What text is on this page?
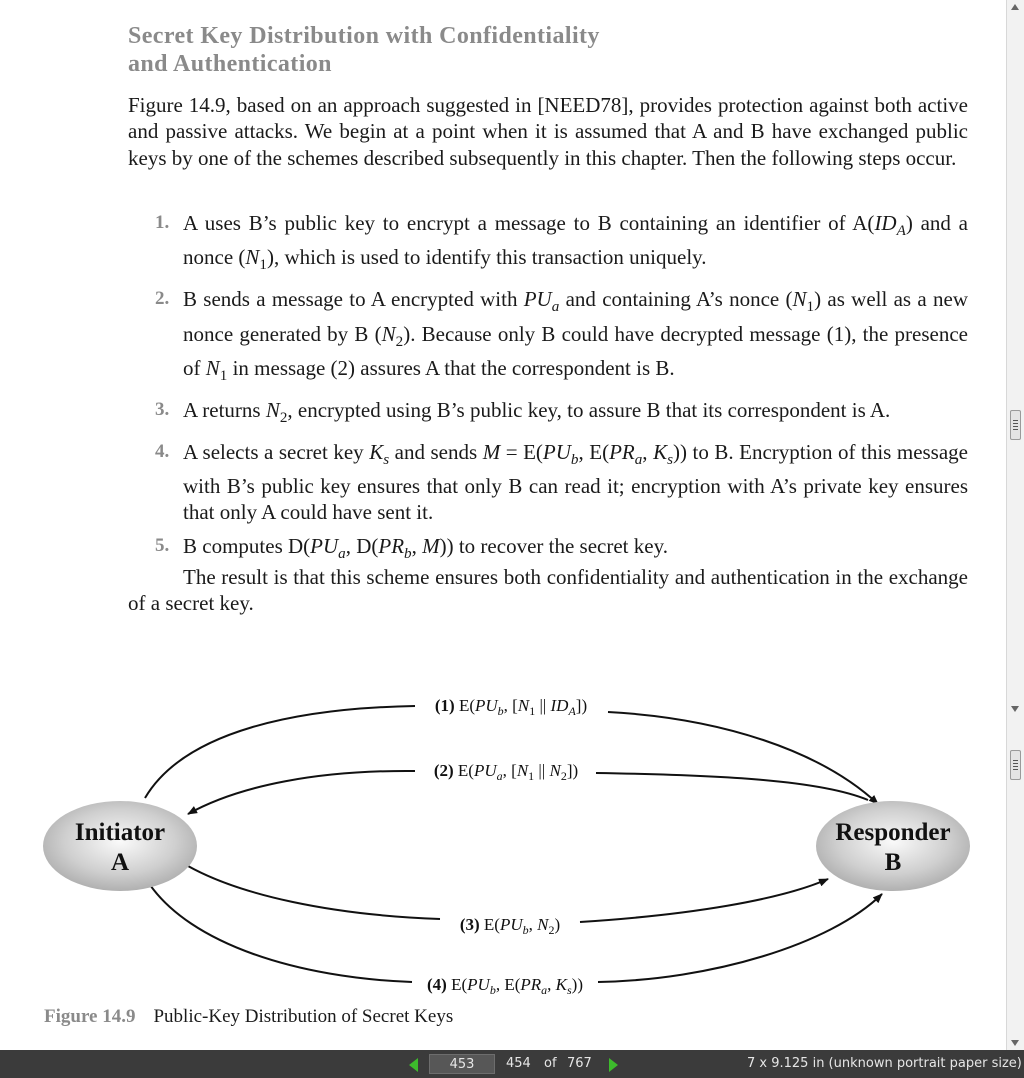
Secret Key Distribution with Confidentiality
and Authentication
Figure 14.9, based on an approach suggested in [NEED78], provides protection against both active and passive attacks. We begin at a point when it is assumed that A and B have exchanged public keys by one of the schemes described subsequently in this chapter. Then the following steps occur.
1. A uses B’s public key to encrypt a message to B containing an identifier of $A(ID_A)$ and a nonce $(N_1)$, which is used to identify this transaction uniquely.
2. B sends a message to A encrypted with $PU_a$ and containing A’s nonce $(N_1)$ as well as a new nonce generated by B $(N_2)$. Because only B could have decrypted message (1), the presence of $N_1$ in message (2) assures A that the correspondent is B.
3. A returns $N_2$, encrypted using B’s public key, to assure B that its correspondent is A.
4. A selects a secret key $K_s$ and sends $M = E(PU_b$, $E(PR_a$, $K_s$)) to B. Encryption of this message with B’s public key ensures that only B can read it; encryption with A’s private key ensures that only A could have sent it.
5. B computes $D(PU_a$, $D(PR_b$, M)) to recover the secret key.
The result is that this scheme ensures both confidentiality and authentication in the exchange of a secret key.
Initiator
A
Responder
B
(1) $E(PU_b$, [$N_1$ || $ID_A$])
(2) $E(PU_a$, [$N_1$ || $N_2$])
(3) $E(PU_b$, $N_2$)
(4) $E(PU_b$, $E(PR_a$, $K_s$))
Figure 14.9 Public-Key Distribution of Secret Keys
453
454 of 767	7 x 9.125 in (unknown portrait paper size)
